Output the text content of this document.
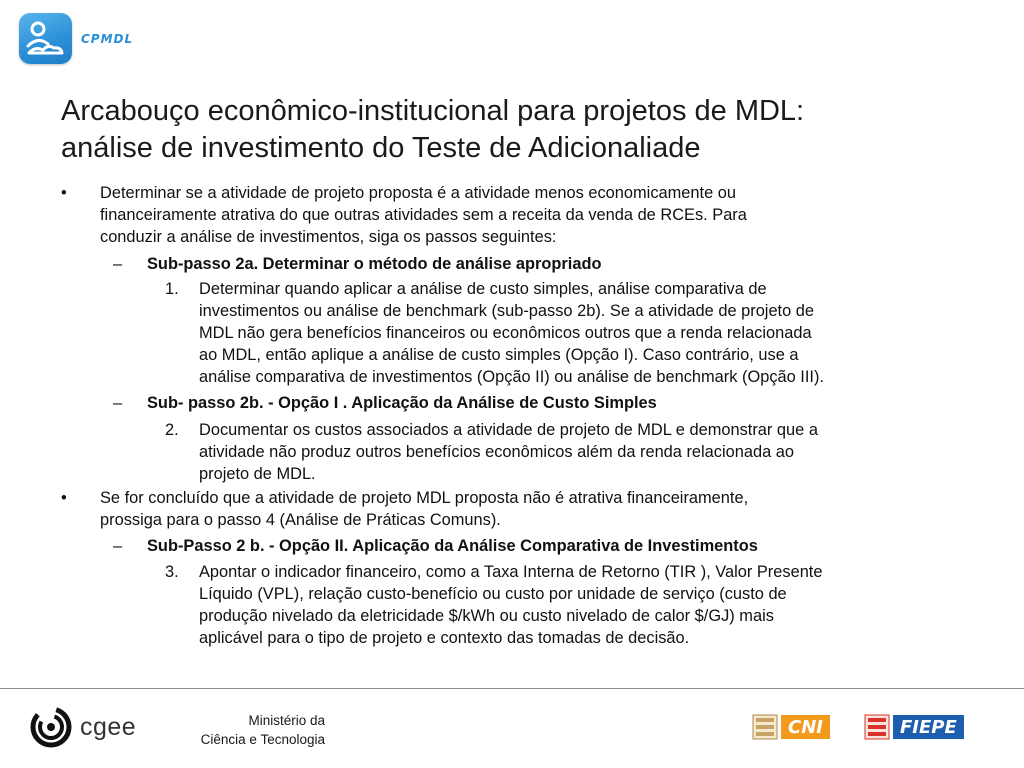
CPMDL
Arcabouço econômico-institucional para projetos de MDL:
análise de investimento do Teste de Adicionaliade
• Determinar se a atividade de projeto proposta é a atividade menos economicamente ou
financeiramente atrativa do que outras atividades sem a receita da venda de RCEs. Para
conduzir a análise de investimentos, siga os passos seguintes:
– Sub-passo 2a. Determinar o método de análise apropriado
1. Determinar quando aplicar a análise de custo simples, análise comparativa de
investimentos ou análise de benchmark (sub-passo 2b). Se a atividade de projeto de
MDL não gera benefícios financeiros ou econômicos outros que a renda relacionada
ao MDL, então aplique a análise de custo simples (Opção I). Caso contrário, use a
análise comparativa de investimentos (Opção II) ou análise de benchmark (Opção III).
– Sub- passo 2b. - Opção I . Aplicação da Análise de Custo Simples
2. Documentar os custos associados a atividade de projeto de MDL e demonstrar que a
atividade não produz outros benefícios econômicos além da renda relacionada ao
projeto de MDL.
• Se for concluído que a atividade de projeto MDL proposta não é atrativa financeiramente,
prossiga para o passo 4 (Análise de Práticas Comuns).
– Sub-Passo 2 b. - Opção II. Aplicação da Análise Comparativa de Investimentos
3. Apontar o indicador financeiro, como a Taxa Interna de Retorno (TIR ), Valor Presente
Líquido (VPL), relação custo-benefício ou custo por unidade de serviço (custo de
produção nivelado da eletricidade $/kWh ou custo nivelado de calor $/GJ) mais
aplicável para o tipo de projeto e contexto das tomadas de decisão.
cgee	Ministério da
Ciência e Tecnologia
CNI	FIEPE
